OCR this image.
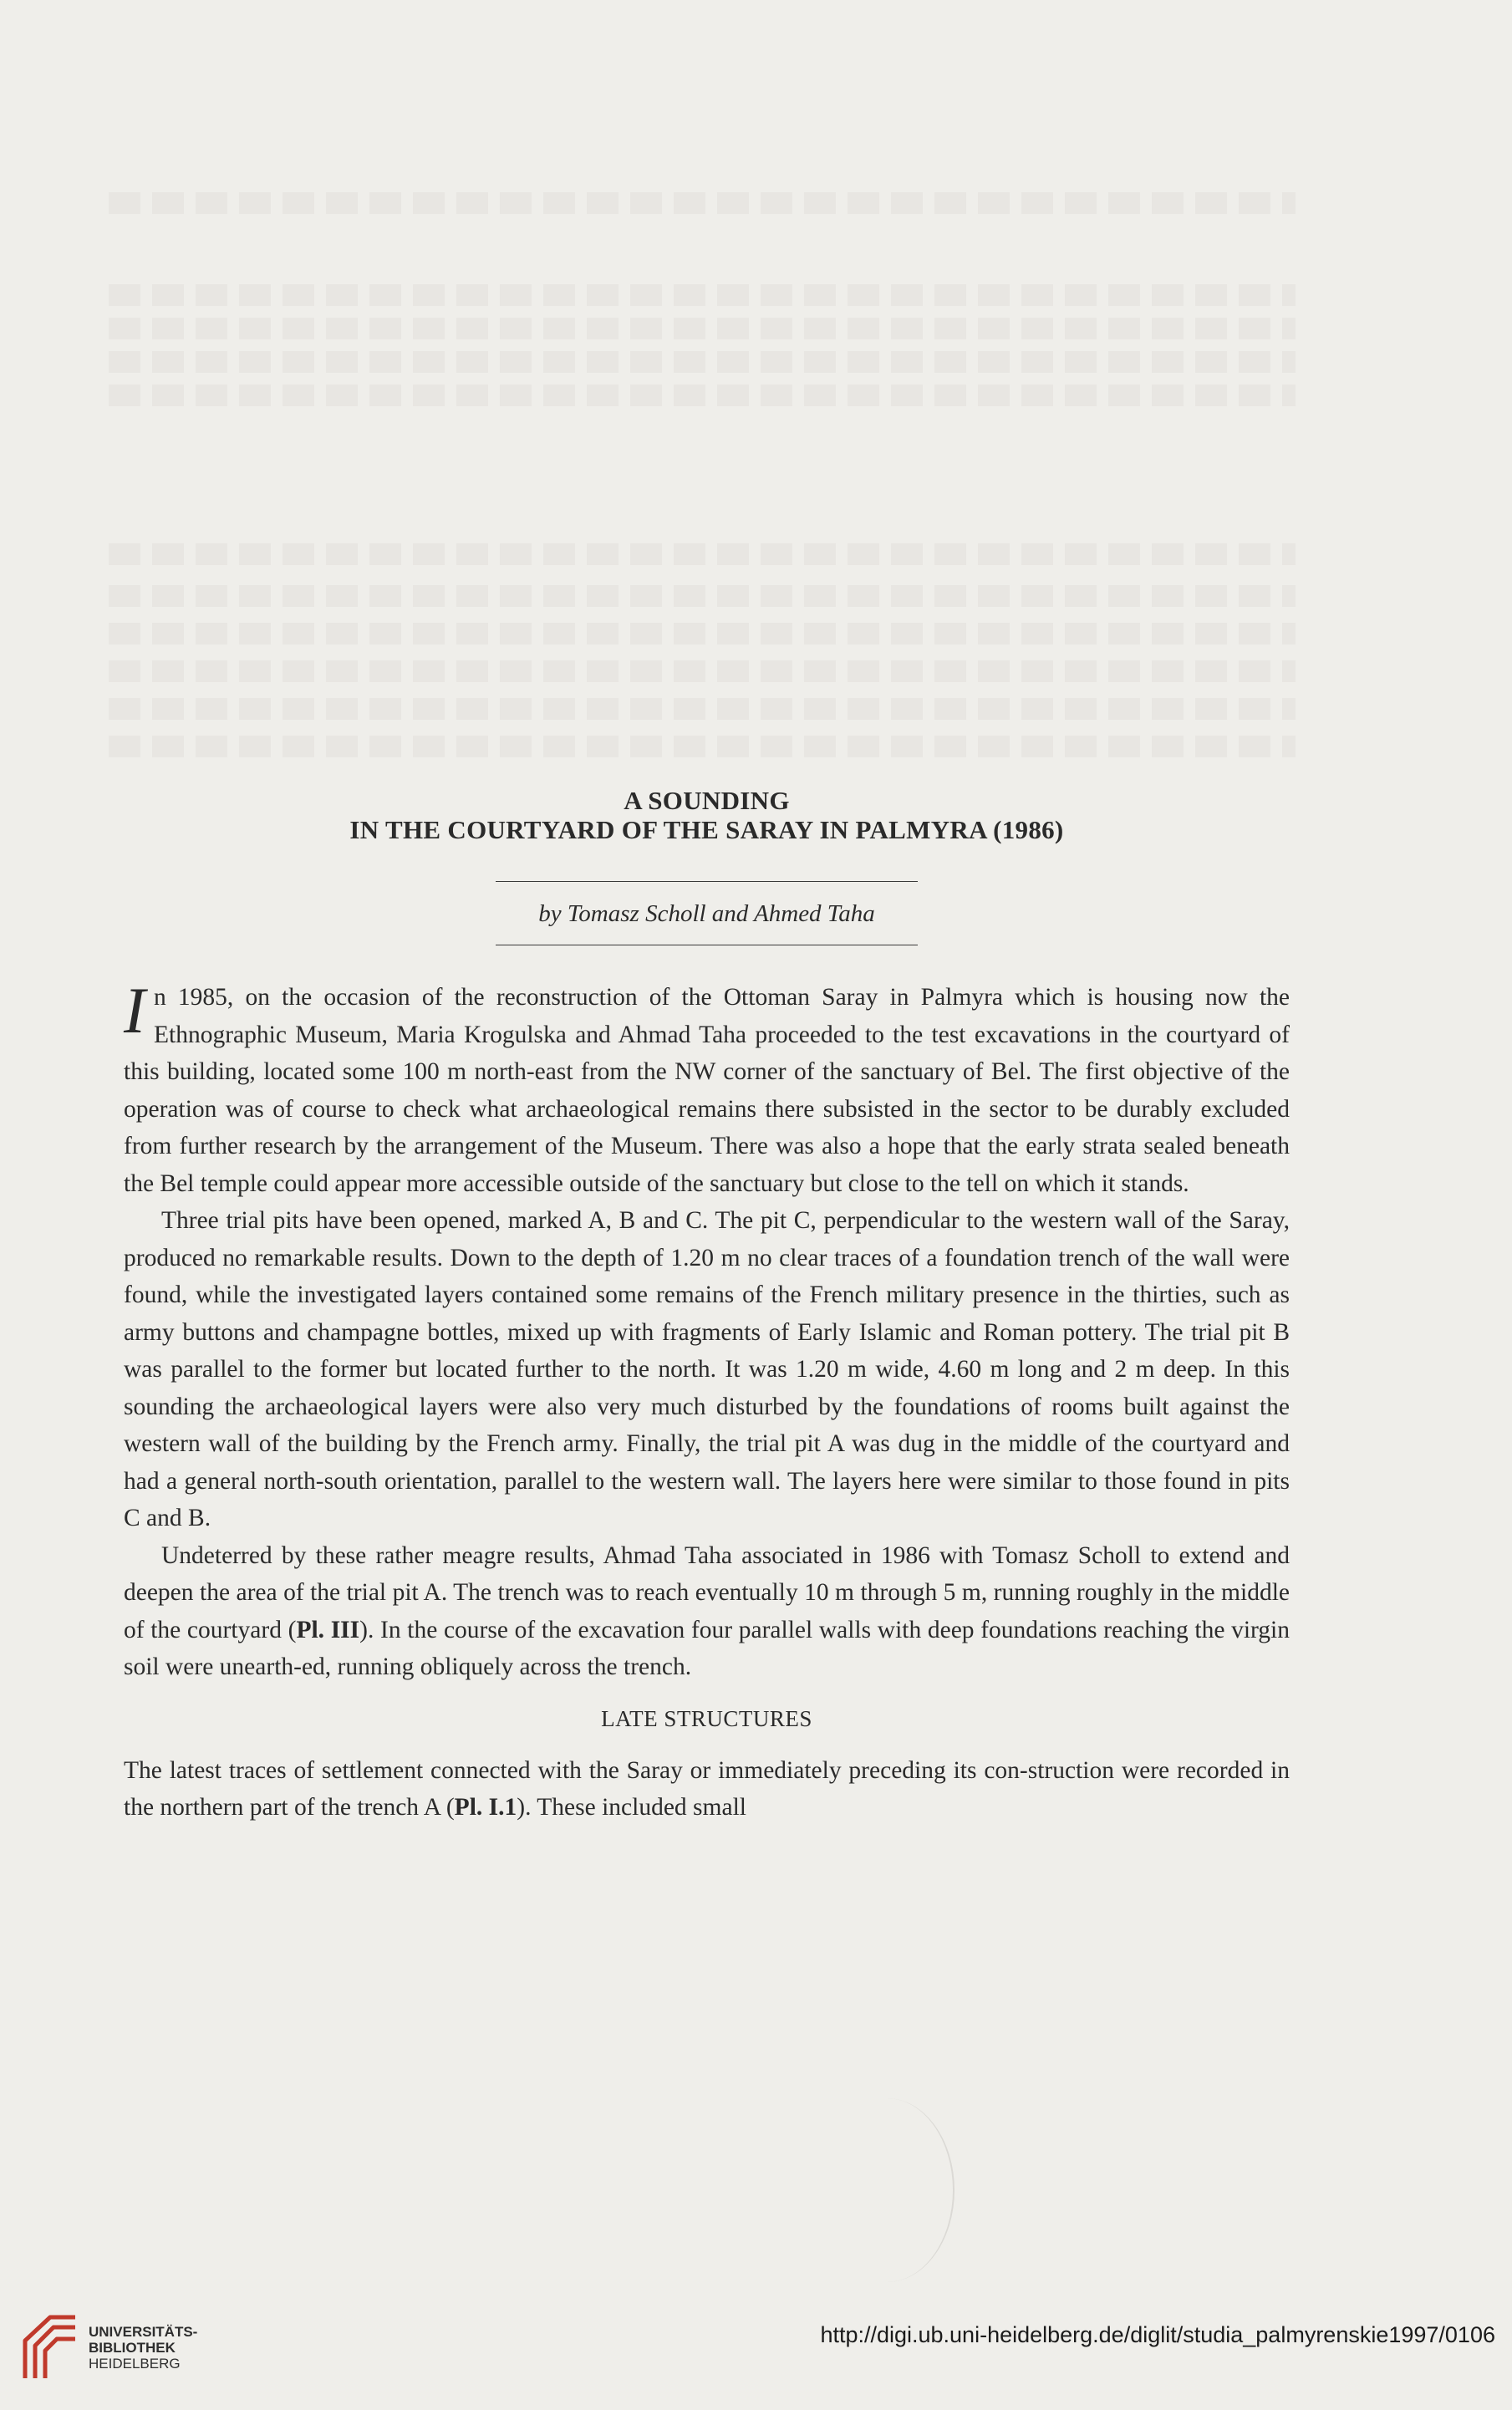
A SOUNDING
IN THE COURTYARD OF THE SARAY IN PALMYRA (1986)
by Tomasz Scholl and Ahmed Taha

In 1985, on the occasion of the reconstruction of the Ottoman Saray in Palmyra which is housing now the Ethnographic Museum, Maria Krogulska and Ahmad Taha proceeded to the test excavations in the courtyard of this building, located some 100 m north-east from the NW corner of the sanctuary of Bel. The first objective of the operation was of course to check what archaeological remains there subsisted in the sector to be durably excluded from further research by the arrangement of the Museum. There was also a hope that the early strata sealed beneath the Bel temple could appear more accessible outside of the sanctuary but close to the tell on which it stands.

Three trial pits have been opened, marked A, B and C. The pit C, perpendicular to the western wall of the Saray, produced no remarkable results. Down to the depth of 1.20 m no clear traces of a foundation trench of the wall were found, while the investigated layers contained some remains of the French military presence in the thirties, such as army buttons and champagne bottles, mixed up with fragments of Early Islamic and Roman pottery. The trial pit B was parallel to the former but located further to the north. It was 1.20 m wide, 4.60 m long and 2 m deep. In this sounding the archaeological layers were also very much disturbed by the foundations of rooms built against the western wall of the building by the French army. Finally, the trial pit A was dug in the middle of the courtyard and had a general north-south orientation, parallel to the western wall. The layers here were similar to those found in pits C and B.

Undeterred by these rather meagre results, Ahmad Taha associated in 1986 with Tomasz Scholl to extend and deepen the area of the trial pit A. The trench was to reach eventually 10 m through 5 m, running roughly in the middle of the courtyard (Pl. III). In the course of the excavation four parallel walls with deep foundations reaching the virgin soil were unearth-ed, running obliquely across the trench.

LATE STRUCTURES

The latest traces of settlement connected with the Saray or immediately preceding its con-struction were recorded in the northern part of the trench A (Pl. I.1). These included small

UNIVERSITÄTS-
BIBLIOTHEK
HEIDELBERG
http://digi.ub.uni-heidelberg.de/diglit/studia_palmyrenskie1997/0106
